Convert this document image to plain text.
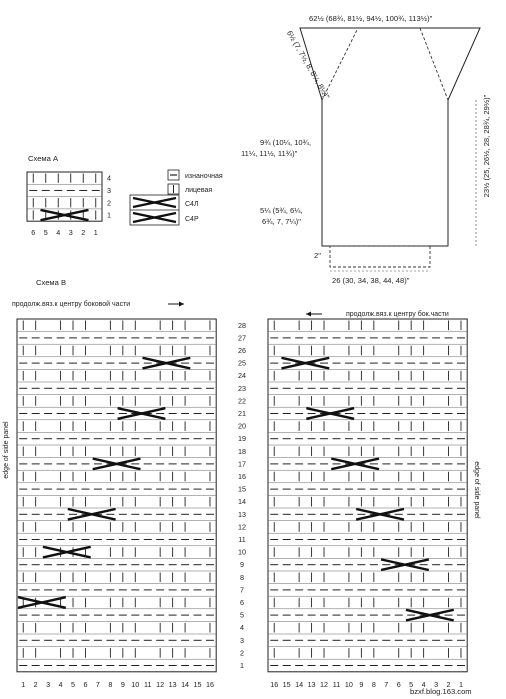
62½ (68¾, 81½, 94½, 100¾, 113½)"
6½ (7, 7½, 8, 8¼, 8½)"
9¾ (10¼, 10¾,
11¼, 11½, 11¾)"
5¼ (5¾, 6¼,
6¾, 7, 7¼)"
23½ (25, 26½, 28, 28¾, 29½)"
2"
26 (30, 34, 38, 44, 48)"
Схема А
1
2
3
4
6 5 4 3 2 1
изнаночная
лицевая
С4Л
С4Р
Схема В
продолж.вяз.к центру боковой части
продолж.вяз.к центру бок.части
1 2 3 4 5 6 7 8 9 10 11 12 13 14 15 16	16 15 14 13 12 11 10 9 8 7 6 5 4 3 2 1
1
2
3
4
5
6
7
8
9
10
11
12
13
14
15
16
17
18
19
20
21
22
23
24
25
26
27
28
edge of side panel
edge of side panel
bzxf.blog.163.com
